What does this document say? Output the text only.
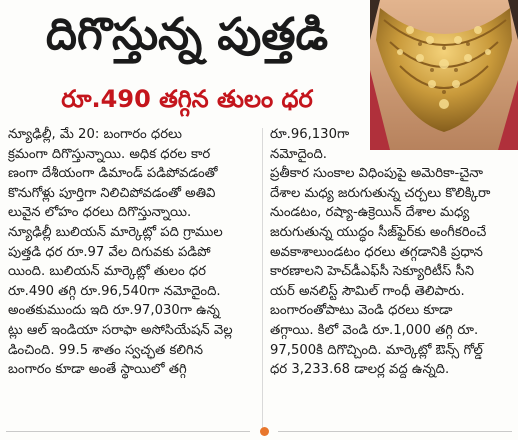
దిగొస్తున్న పుత్తడి
రూ.490 తగ్గిన తులం ధర
న్యూఢిల్లీ, మే 20: బంగారం ధరలు
క్రమంగా దిగొస్తున్నాయి. అధిక ధరల కార
ణంగా దేశీయంగా డిమాండ్ పడిపోవడంతో
కొనుగోళ్లు పూర్తిగా నిలిచిపోవడంతో అతివి
లువైన లోహం ధరలు దిగొస్తున్నాయి.
న్యూఢిల్లీ బులియన్ మార్కెట్లో పది గ్రాముల
పుత్తడి ధర రూ.97 వేల దిగువకు పడిపో
యింది. బులియన్ మార్కెట్లో తులం ధర
రూ.490 తగ్గి రూ.96,540గా నమోదైంది.
అంతకుముందు ఇది రూ.97,030గా ఉన్న
ట్లు ఆల్ ఇండియా సరాఫా అసోసియేషన్ వెల్ల
డించింది. 99.5 శాతం స్వచ్ఛత కలిగిన
బంగారం కూడా అంతే స్థాయిలో తగ్గి
రూ.96,130గా
నమోదైంది.
ప్రతీకార సుంకాల విధింపుపై అమెరికా-చైనా
దేశాల మధ్య జరుగుతున్న చర్చలు కొలిక్కిరా
నుండటం, రష్యా-ఉక్రెయిన్ దేశాల మధ్య
జరుగుతున్న యుద్ధం సీజ్‌ఫైర్‌కు అంగీకరించే
అవకాశాలుండటం ధరలు తగ్గడానికి ప్రధాన
కారణాలని హెచ్‌డీఎఫ్‌సీ సెక్యూరిటీస్ సీని
యర్ అనలిస్ట్ సౌమిల్ గాంధీ తెలిపారు.
బంగారంతోపాటు వెండి ధరలు కూడా
తగ్గాయి. కిలో వెండి రూ.1,000 తగ్గి రూ.
97,500కి దిగొచ్చింది. మార్కెట్లో ఔన్స్ గోల్డ్
ధర 3,233.68 డాలర్ల వద్ద ఉన్నది.
